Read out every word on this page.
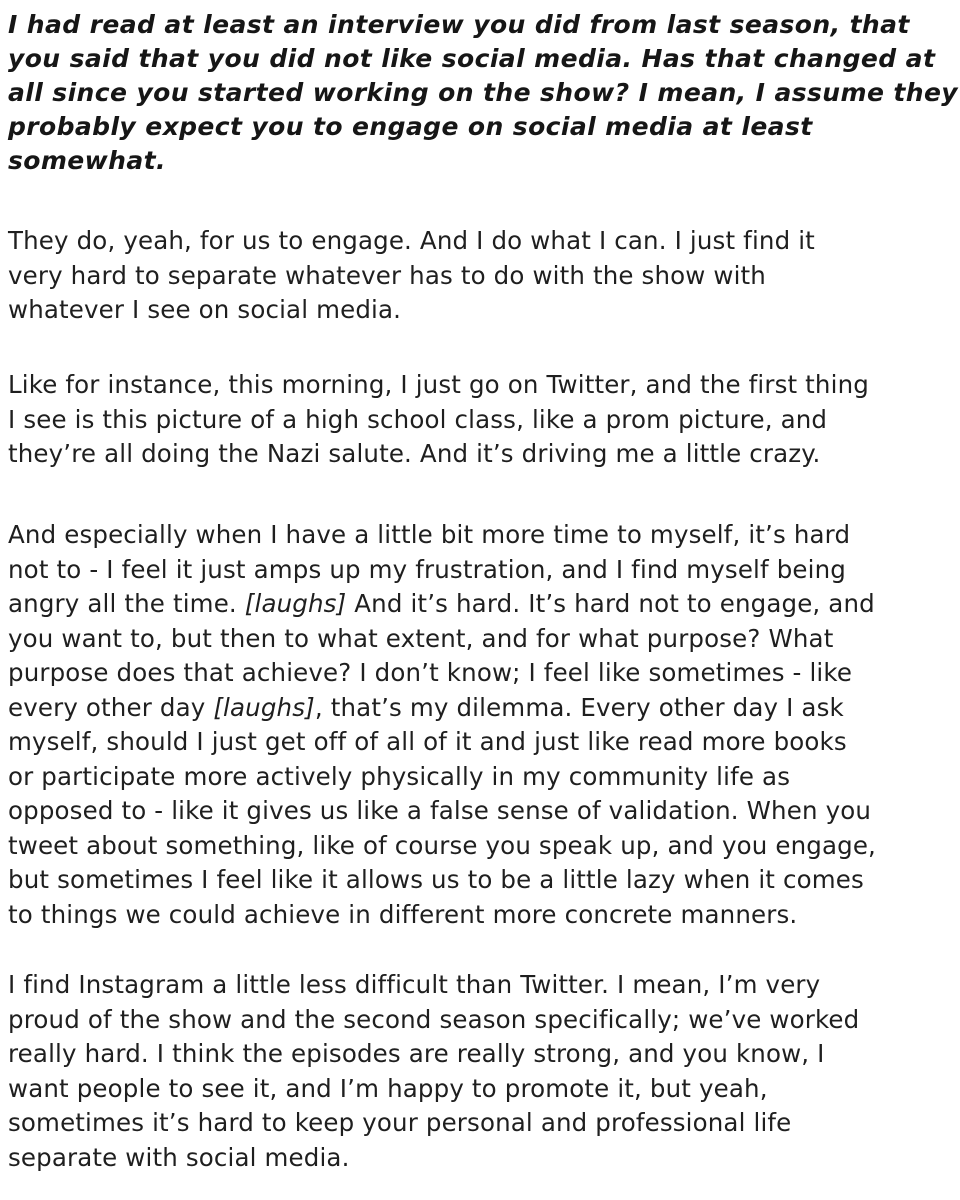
I had read at least an interview you did from last season, that
you said that you did not like social media. Has that changed at
all since you started working on the show? I mean, I assume they
probably expect you to engage on social media at least
somewhat.

They do, yeah, for us to engage. And I do what I can. I just find it
very hard to separate whatever has to do with the show with
whatever I see on social media.

Like for instance, this morning, I just go on Twitter, and the first thing
I see is this picture of a high school class, like a prom picture, and
they’re all doing the Nazi salute. And it’s driving me a little crazy.

And especially when I have a little bit more time to myself, it’s hard
not to - I feel it just amps up my frustration, and I find myself being
angry all the time. [laughs] And it’s hard. It’s hard not to engage, and
you want to, but then to what extent, and for what purpose? What
purpose does that achieve? I don’t know; I feel like sometimes - like
every other day [laughs], that’s my dilemma. Every other day I ask
myself, should I just get off of all of it and just like read more books
or participate more actively physically in my community life as
opposed to - like it gives us like a false sense of validation. When you
tweet about something, like of course you speak up, and you engage,
but sometimes I feel like it allows us to be a little lazy when it comes
to things we could achieve in different more concrete manners.

I find Instagram a little less difficult than Twitter. I mean, I’m very
proud of the show and the second season specifically; we’ve worked
really hard. I think the episodes are really strong, and you know, I
want people to see it, and I’m happy to promote it, but yeah,
sometimes it’s hard to keep your personal and professional life
separate with social media.
